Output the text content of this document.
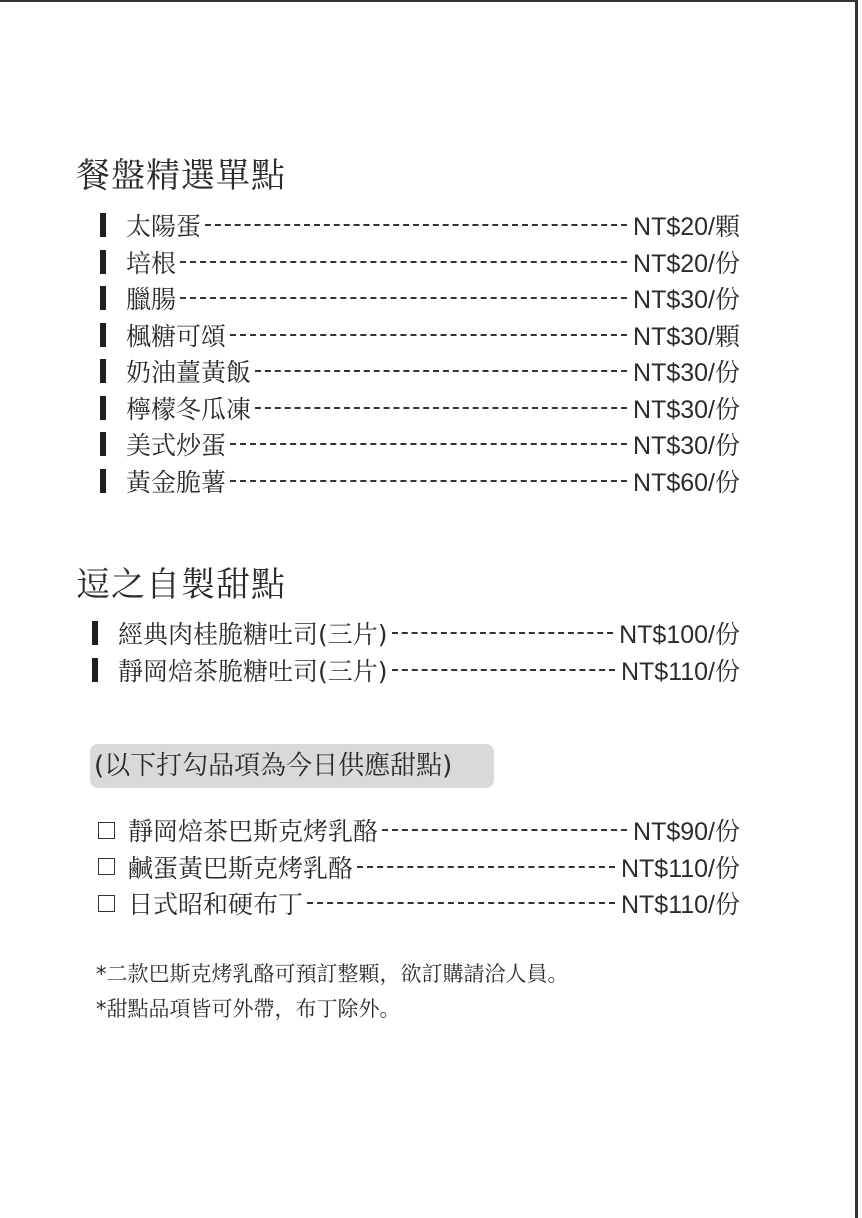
餐盤精選單點
太陽蛋	NT$20/顆
培根	NT$20/份
臘腸	NT$30/份
楓糖可頌	NT$30/顆
奶油薑黃飯	NT$30/份
檸檬冬瓜凍	NT$30/份
美式炒蛋	NT$30/份
黃金脆薯	NT$60/份
逗之自製甜點
經典肉桂脆糖吐司(三片)	NT$100/份
靜岡焙茶脆糖吐司(三片)	NT$110/份
(以下打勾品項為今日供應甜點)
靜岡焙茶巴斯克烤乳酪	NT$90/份
鹹蛋黃巴斯克烤乳酪	NT$110/份
日式昭和硬布丁	NT$110/份
*二款巴斯克烤乳酪可預訂整顆，欲訂購請洽人員。
*甜點品項皆可外帶，布丁除外。
